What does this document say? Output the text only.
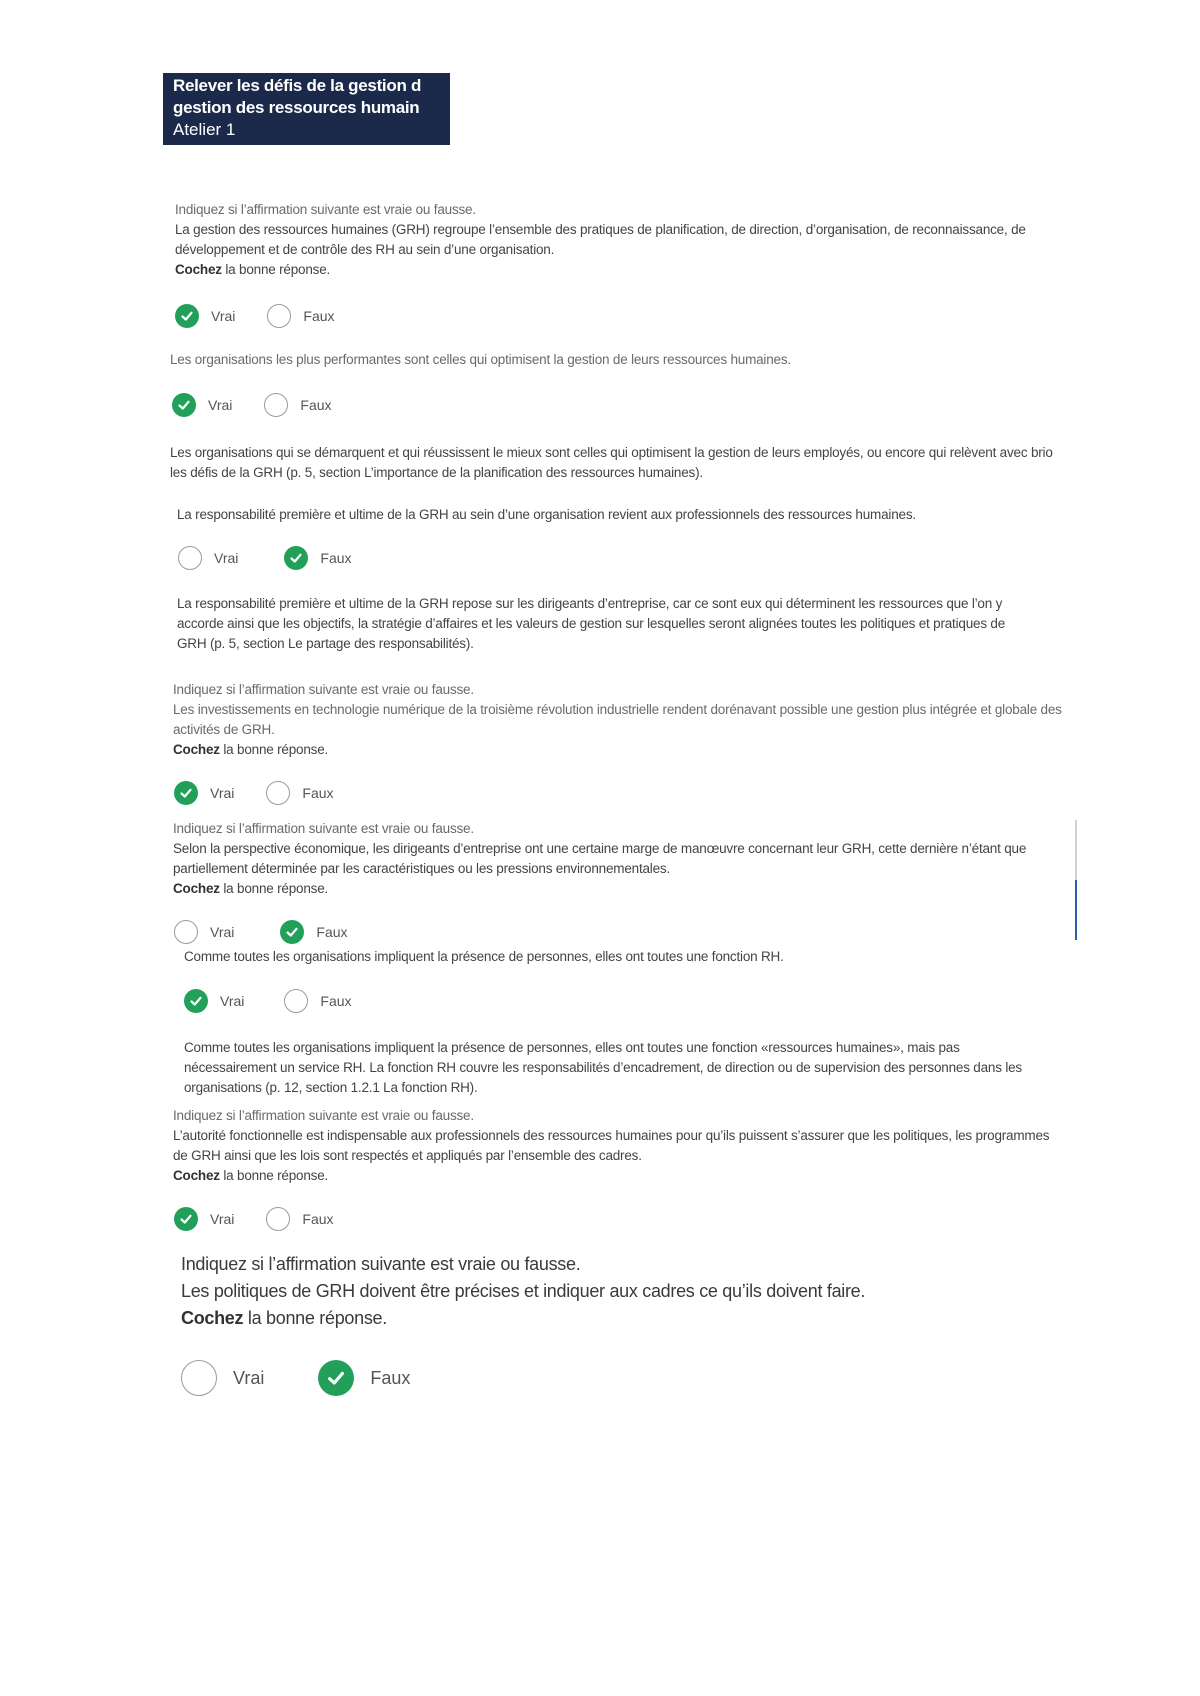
Relever les défis de la gestion d
gestion des ressources humain
Atelier 1

Indiquez si l’affirmation suivante est vraie ou fausse.

La gestion des ressources humaines (GRH) regroupe l’ensemble des pratiques de planification, de direction, d’organisation, de reconnaissance, de développement et de contrôle des RH au sein d’une organisation.

Cochez la bonne réponse.

Vrai	Faux

Les organisations les plus performantes sont celles qui optimisent la gestion de leurs ressources humaines.

Vrai	Faux

Les organisations qui se démarquent et qui réussissent le mieux sont celles qui optimisent la gestion de leurs employés, ou encore qui relèvent avec brio les défis de la GRH (p. 5, section L’importance de la planification des ressources humaines).

La responsabilité première et ultime de la GRH au sein d’une organisation revient aux professionnels des ressources humaines.

Vrai	Faux

La responsabilité première et ultime de la GRH repose sur les dirigeants d’entreprise, car ce sont eux qui déterminent les ressources que l’on y accorde ainsi que les objectifs, la stratégie d’affaires et les valeurs de gestion sur lesquelles seront alignées toutes les politiques et pratiques de GRH (p. 5, section Le partage des responsabilités).

Indiquez si l’affirmation suivante est vraie ou fausse.

Les investissements en technologie numérique de la troisième révolution industrielle rendent dorénavant possible une gestion plus intégrée et globale des activités de GRH.

Cochez la bonne réponse.

Vrai	Faux

Indiquez si l’affirmation suivante est vraie ou fausse.

Selon la perspective économique, les dirigeants d’entreprise ont une certaine marge de manœuvre concernant leur GRH, cette dernière n’étant que partiellement déterminée par les caractéristiques ou les pressions environnementales.

Cochez la bonne réponse.

Vrai	Faux

Comme toutes les organisations impliquent la présence de personnes, elles ont toutes une fonction RH.

Vrai	Faux

Comme toutes les organisations impliquent la présence de personnes, elles ont toutes une fonction «ressources humaines», mais pas nécessairement un service RH. La fonction RH couvre les responsabilités d’encadrement, de direction ou de supervision des personnes dans les organisations (p. 12, section 1.2.1 La fonction RH).

Indiquez si l’affirmation suivante est vraie ou fausse.

L’autorité fonctionnelle est indispensable aux professionnels des ressources humaines pour qu’ils puissent s’assurer que les politiques, les programmes de GRH ainsi que les lois sont respectés et appliqués par l’ensemble des cadres.

Cochez la bonne réponse.

Vrai	Faux

Indiquez si l’affirmation suivante est vraie ou fausse.

Les politiques de GRH doivent être précises et indiquer aux cadres ce qu’ils doivent faire.

Cochez la bonne réponse.

Vrai	Faux
